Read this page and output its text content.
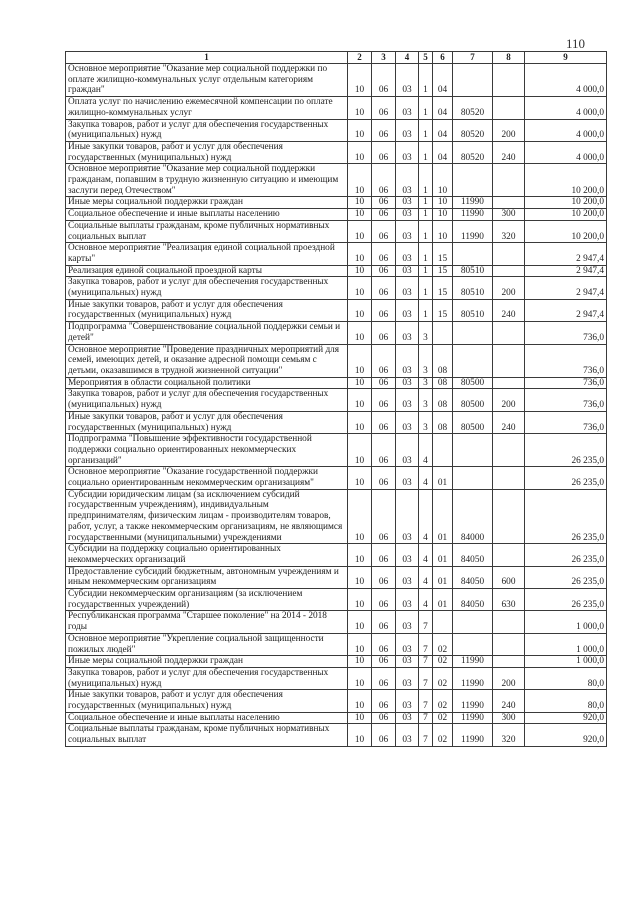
110
1	2	3	4	5	6	7	8	9
Основное мероприятие "Оказание мер социальной поддержки по оплате жилищно-коммунальных услуг отдельным категориям граждан"	10	06	03	1	04			4 000,0
Оплата услуг по начислению ежемесячной компенсации по оплате жилищно-коммунальных услуг	10	06	03	1	04	80520		4 000,0
Закупка товаров, работ и услуг для обеспечения государственных (муниципальных) нужд	10	06	03	1	04	80520	200	4 000,0
Иные закупки товаров, работ и услуг для обеспечения государственных (муниципальных) нужд	10	06	03	1	04	80520	240	4 000,0
Основное мероприятие "Оказание мер социальной поддержки гражданам, попавшим в трудную жизненную ситуацию и имеющим заслуги перед Отечеством"	10	06	03	1	10			10 200,0
Иные меры социальной поддержки граждан	10	06	03	1	10	11990		10 200,0
Социальное обеспечение и иные выплаты населению	10	06	03	1	10	11990	300	10 200,0
Социальные выплаты гражданам, кроме публичных нормативных социальных выплат	10	06	03	1	10	11990	320	10 200,0
Основное мероприятие "Реализация единой социальной проездной карты"	10	06	03	1	15			2 947,4
Реализация единой социальной проездной карты	10	06	03	1	15	80510		2 947,4
Закупка товаров, работ и услуг для обеспечения государственных (муниципальных) нужд	10	06	03	1	15	80510	200	2 947,4
Иные закупки товаров, работ и услуг для обеспечения государственных (муниципальных) нужд	10	06	03	1	15	80510	240	2 947,4
Подпрограмма "Совершенствование социальной поддержки семьи и детей"	10	06	03	3				736,0
Основное мероприятие "Проведение праздничных мероприятий для семей, имеющих детей, и оказание адресной помощи семьям с детьми, оказавшимся в трудной жизненной ситуации"	10	06	03	3	08			736,0
Мероприятия в области социальной политики	10	06	03	3	08	80500		736,0
Закупка товаров, работ и услуг для обеспечения государственных (муниципальных) нужд	10	06	03	3	08	80500	200	736,0
Иные закупки товаров, работ и услуг для обеспечения государственных (муниципальных) нужд	10	06	03	3	08	80500	240	736,0
Подпрограмма "Повышение эффективности государственной поддержки социально ориентированных некоммерческих организаций"	10	06	03	4				26 235,0
Основное мероприятие "Оказание государственной поддержки социально ориентированным некоммерческим организациям"	10	06	03	4	01			26 235,0
Субсидии юридическим лицам (за исключением субсидий государственным учреждениям), индивидуальным предпринимателям, физическим лицам - производителям товаров, работ, услуг, а также некоммерческим организациям, не являющимся государственными (муниципальными) учреждениями	10	06	03	4	01	84000		26 235,0
Субсидии на поддержку социально ориентированных некоммерческих организаций	10	06	03	4	01	84050		26 235,0
Предоставление субсидий бюджетным, автономным учреждениям и иным некоммерческим организациям	10	06	03	4	01	84050	600	26 235,0
Субсидии некоммерческим организациям (за исключением государственных учреждений)	10	06	03	4	01	84050	630	26 235,0
Республиканская программа "Старшее поколение" на 2014 - 2018 годы	10	06	03	7				1 000,0
Основное мероприятие "Укрепление социальной защищенности пожилых людей"	10	06	03	7	02			1 000,0
Иные меры социальной поддержки граждан	10	06	03	7	02	11990		1 000,0
Закупка товаров, работ и услуг для обеспечения государственных (муниципальных) нужд	10	06	03	7	02	11990	200	80,0
Иные закупки товаров, работ и услуг для обеспечения государственных (муниципальных) нужд	10	06	03	7	02	11990	240	80,0
Социальное обеспечение и иные выплаты населению	10	06	03	7	02	11990	300	920,0
Социальные выплаты гражданам, кроме публичных нормативных социальных выплат	10	06	03	7	02	11990	320	920,0
